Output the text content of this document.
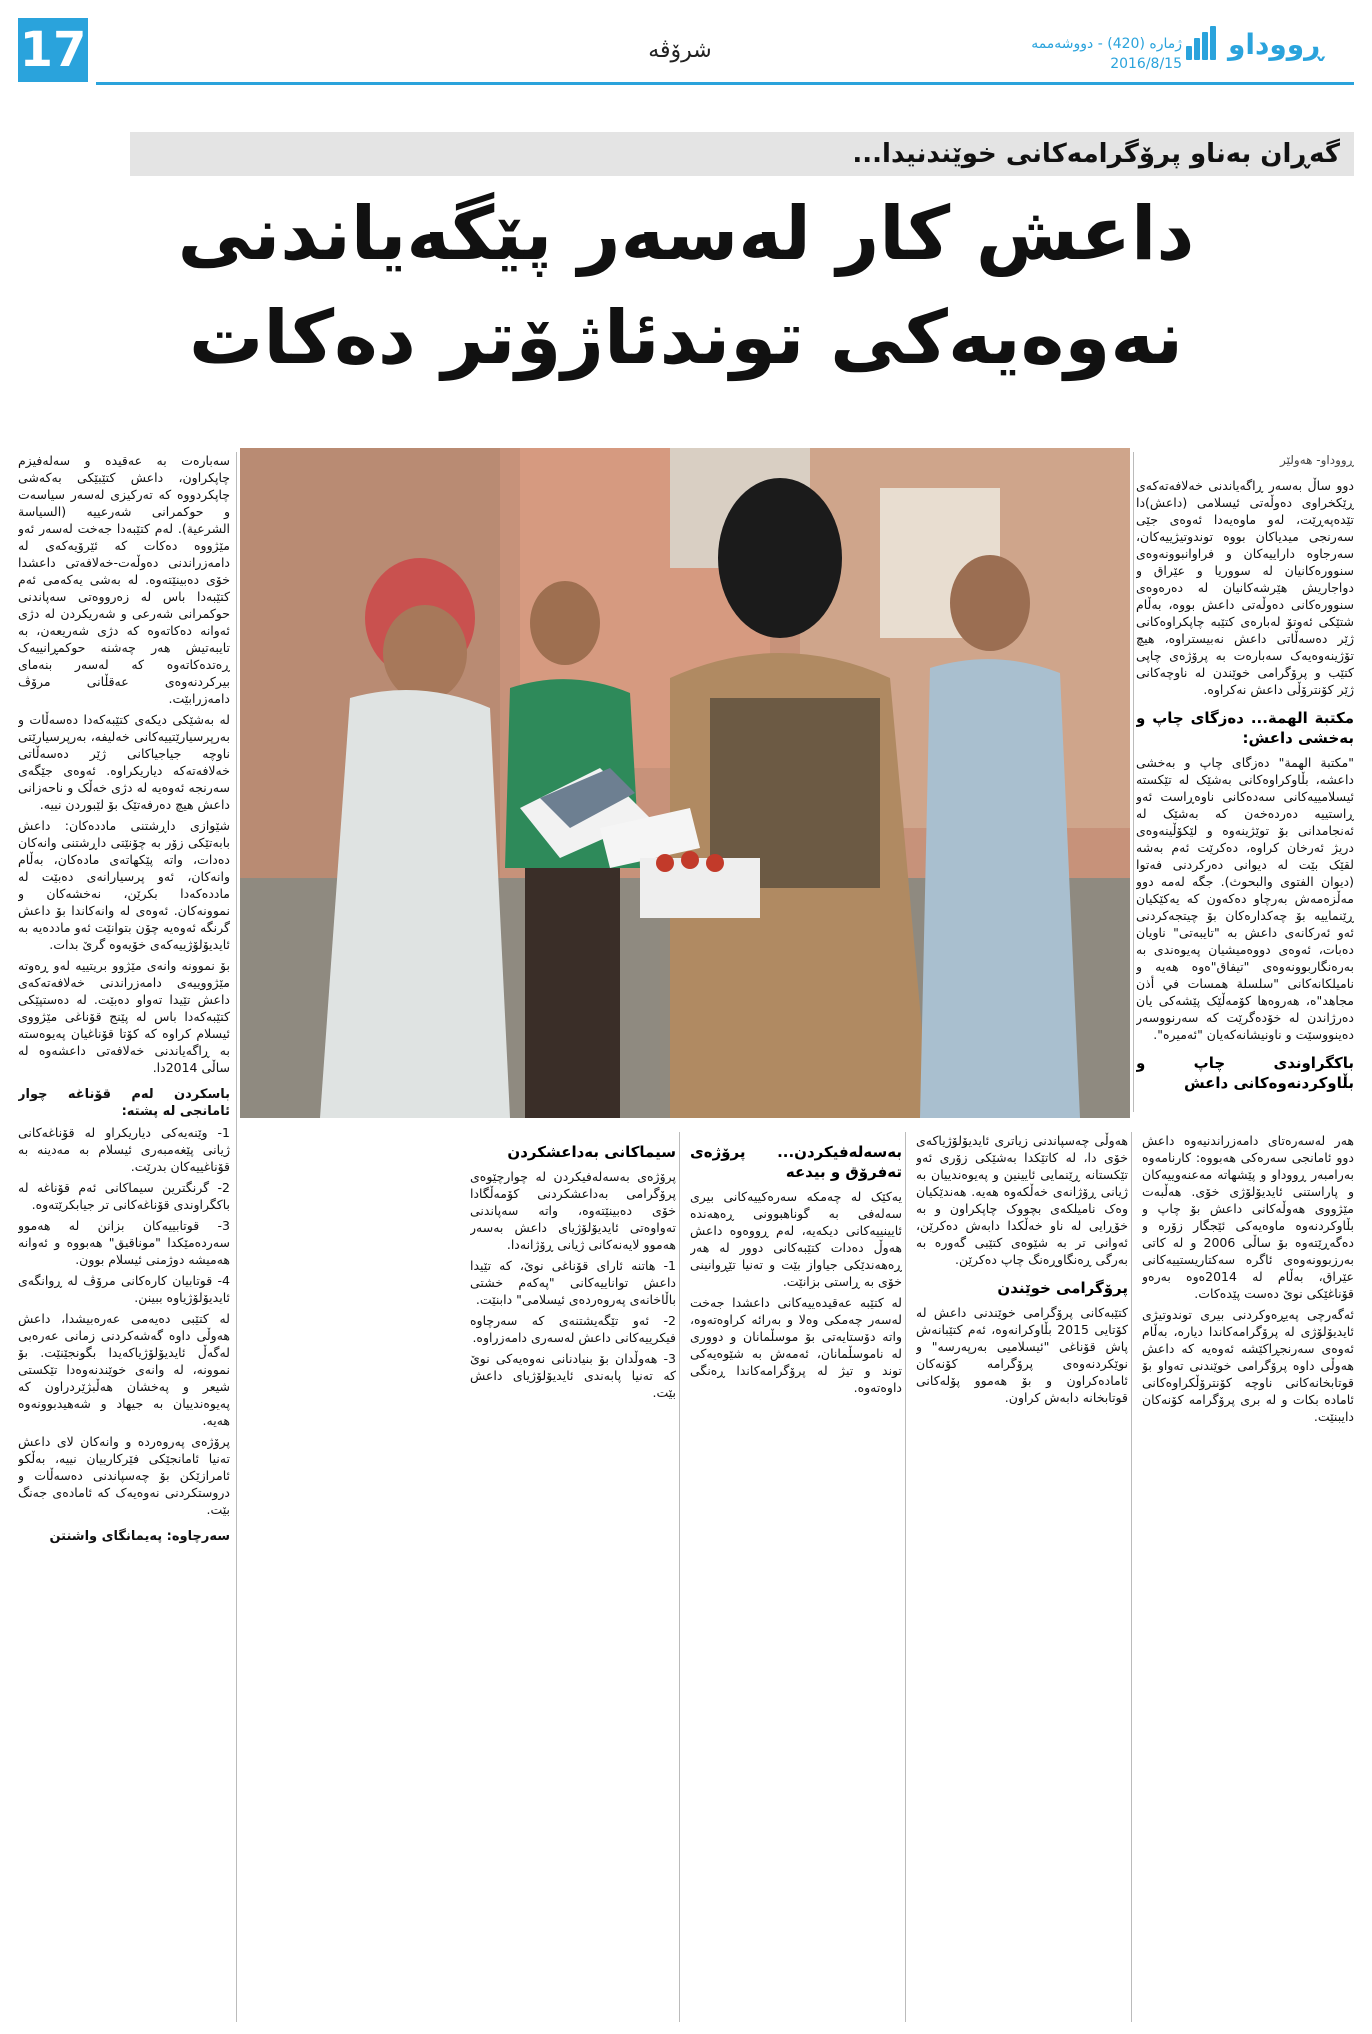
17	شرۆڤە	ڕووداو
ژمارە (420) - دووشەممە
2016/8/15
گەڕان بەناو پرۆگرامەکانی خوێندنیدا...
داعش کار لەسەر پێگەیاندنی
نەوەیەکی توندئاژۆتر دەکات
ڕووداو- هەولێر

دوو ساڵ بەسەر ڕاگەیاندنی خەلافەتەکەی ڕێکخراوی دەوڵەتی ئیسلامی (داعش)دا تێدەپەڕێت، لەو ماوەیەدا ئەوەی جێی سەرنجی میدیاکان بووە توندوتیژییەکان، سەرجاوە داراییەکان و فراوانبوونەوەی سنوورەکانیان لە سووریا و عێراق و دواجاریش هێرشەکانیان لە دەرەوەی سنوورەکانی دەوڵەتی داعش بووە، بەڵام شتێکی ئەوتۆ لەبارەی کتێبە چاپکراوەکانی ژێر دەسەڵاتی داعش نەبیستراوە، هیچ تۆژینەوەیەک سەبارەت بە پرۆژەی چاپی کتێب و پرۆگرامی خوێندن لە ناوچەکانی ژێر کۆنترۆڵی داعش نەکراوە.

مکتبة الهمة... دەزگای چاپ و بەخشی داعش:

"مکتبة الهمة" دەزگای چاپ و بەخشی داعشە، بڵاوکراوەکانی بەشێک لە تێکستە ئیسلامییەکانی سەدەکانی ناوەڕاست ئەو ڕاستییە دەردەخەن کە بەشێک لە ئەنجامدانی بۆ توێژینەوە و لێکۆڵینەوەی دریژ ئەرخان کراوە، دەکرێت ئەم بەشە لقێک بێت لە دیوانی دەرکردنی فەتوا (دیوان الفتوی والبحوث). جگە لەمە دوو مەڵزەمەش بەرچاو دەکەون کە یەکێکیان ڕێنماییە بۆ چەکدارەکان بۆ چیتجەکردنی ئەو ئەرکانەی داعش بە "تایبەتی" ناویان دەبات، ئەوەی دووەمیشیان پەیوەندی بە بەرەنگاربوونەوەی "تیفاق"ەوە هەیە و نامیلکانەکانی "سلسلة همسات في أذن مجاهد"ە، هەروەها کۆمەڵێک پێشەکی یان دەرژاندن لە خۆدەگرێت کە سەرنووسەر دەینووسێت و ناونیشانەکەیان "ئەمیرە".

باکگراوندی چاپ و بڵاوکردنەوەکانی داعش

سەبارەت بە عەقیدە و سەلەفیزم چاپکراون، داعش کتێبێکی بەکەشی چاپکردووە کە تەرکیزی لەسەر سیاسەت و حوکمرانی شەرعییە (السیاسة الشرعیة). لەم کتێبەدا جەخت لەسەر ئەو مێژووە دەکات کە ئێرۆیەکەی لە دامەزراندنی دەوڵەت-خەلافەتی داعشدا خۆی دەبینێتەوە. لە بەشی یەکەمی ئەم کتێبەدا باس لە زەرووەتی سەپاندنی حوکمرانی شەرعی و شەریکردن لە دژی ئەوانە دەکاتەوە کە دژی شەریعەن، بە تایبەتیش هەر چەشنە حوکمڕانییەک ڕەتدەکاتەوە کە لەسەر بنەمای بیرکردنەوەی عەقڵانی مرۆڤ دامەزرابێت.

لە بەشێکی دیکەی کتێبەکەدا دەسەڵات و بەرپرسیارێتییەکانی خەلیفە، بەرپرسیارێتی ناوچە جیاجیاکانی ژێر دەسەڵاتی خەلافەتەکە دیاریکراوە. ئەوەی جێگەی سەرنجە ئەوەیە لە دژی خەڵک و ناحەزانی داعش هیچ دەرفەتێک بۆ لێبوردن نییە.

شێوازی داڕشتنی ماددەکان: داعش بابەتێکی زۆر بە چۆنێتی داڕشتنی وانەکان دەدات، واتە پێکهاتەی مادەکان، بەڵام وانەکان، ئەو پرسیارانەی دەبێت لە ماددەکەدا بکرێن، نەخشەکان و نموونەکان. ئەوەی لە وانەکاندا بۆ داعش گرنگە ئەوەیە چۆن بتوانێت ئەو ماددەیە بە ئایدیۆلۆژییەکەی خۆیەوە گرێ بدات.

بۆ نموونە وانەی مێژوو بریتییە لەو ڕەوتە مێژووییەی دامەزراندنی خەلافەتەکەی داعش تێیدا تەواو دەبێت. لە دەستپێکی کتێبەکەدا باس لە پێنج قۆناغی مێژووی ئیسلام کراوە کە کۆتا قۆناغیان پەیوەستە بە ڕاگەیاندنی خەلافەتی داعشەوە لە ساڵی 2014دا.

باسکردن لەم قۆناغە چوار ئامانجی لە پشتە:

1- وێنەیەکی دیاریکراو لە قۆناغەکانی ژیانی پێغەمبەری ئیسلام بە مەدینە بە قۆناغییەکان بدرێت.

2- گرنگترین سیماکانی ئەم قۆناغە لە باکگراوندی قۆناغەکانی تر جیابکرێتەوە.

3- قوتابییەکان بزانن لە هەموو سەردەمێکدا "موناقیق" هەبووە و ئەوانە هەمیشە دوژمنی ئیسلام بوون.

4- قوتابیان کارەکانی مرۆڤ لە ڕوانگەی ئایدیۆلۆژیاوە ببینن.

لە کتێبی دەیەمی عەرەبیشدا، داعش هەوڵی داوە گەشەکردنی زمانی عەرەبی لەگەڵ ئایدیۆلۆژیاکەیدا بگونجێنێت. بۆ نموونە، لە وانەی خوێندنەوەدا تێکستی شیعر و پەخشان هەڵبژێردراون کە پەیوەندییان بە جیهاد و شەهیدبوونەوە هەیە.

پرۆژەی پەروەردە و وانەکان لای داعش تەنیا ئامانجێکی فێرکارییان نییە، بەڵکو ئامرازێکن بۆ چەسپاندنی دەسەڵات و دروستکردنی نەوەیەک کە ئامادەی جەنگ بێت.

سەرچاوە: پەیمانگای واشنتن

هەر لەسەرەتای دامەزراندنیەوە داعش دوو ئامانجی سەرەکی هەبووە: کارنامەوە بەرامبەر ڕووداو و پێشهاتە مەعنەوییەکان و پاراستنی ئایدیۆلۆژی خۆی. هەڵبەت مێژووی هەوڵەکانی داعش بۆ چاپ و بڵاوکردنەوە ماوەیەکی ئێجگار زۆرە و دەگەڕێتەوە بۆ ساڵی 2006 و لە کاتی بەرزبوونەوەی ئاگرە سەکتاریستییەکانی عێراق، بەڵام لە 2014ەوە بەرەو قۆناغێکی نوێ دەست پێدەکات.

ئەگەرچی پەیڕەوکردنی بیری توندوتیژی ئایدیۆلۆژی لە پرۆگرامەکاندا دیارە، بەڵام ئەوەی سەرنجڕاکێشە ئەوەیە کە داعش هەوڵی داوە پرۆگرامی خوێندنی تەواو بۆ قوتابخانەکانی ناوچە کۆنترۆڵکراوەکانی ئامادە بکات و لە بری پرۆگرامە کۆنەکان دایبنێت.

هەوڵی چەسپاندنی زیاتری ئایدیۆلۆژیاکەی خۆی دا، لە کاتێکدا بەشێکی زۆری ئەو تێکستانە ڕێنمایی ئایینین و پەیوەندییان بە ژیانی ڕۆژانەی خەڵکەوە هەیە. هەندێکیان وەک نامیلکەی بچووک چاپکراون و بە خۆڕایی لە ناو خەڵکدا دابەش دەکرێن، ئەوانی تر بە شێوەی کتێبی گەورە بە بەرگی ڕەنگاوڕەنگ چاپ دەکرێن.

پرۆگرامی خوێندن

کتێبەکانی پرۆگرامی خوێندنی داعش لە کۆتایی 2015 بڵاوکرانەوە، ئەم کتێبانەش پاش قۆناغی "ئیسلامیی بەرپەرسە" و نوێکردنەوەی پرۆگرامە کۆنەکان ئامادەکراون و بۆ هەموو پۆلەکانی قوتابخانە دابەش کراون.

بەسەلەفیکردن... پرۆژەی تەفرۆق و بیدعە

یەکێک لە چەمکە سەرەکییەکانی بیری سەلەفی بە گوناهبوونی ڕەهەندە ئایینییەکانی دیکەیە، لەم ڕووەوە داعش هەوڵ دەدات کتێبەکانی دوور لە هەر ڕەهەندێکی جیاواز بێت و تەنیا تێڕوانینی خۆی بە ڕاستی بزانێت.

لە کتێبە عەقیدەییەکانی داعشدا جەخت لەسەر چەمکی وەلا و بەرائە کراوەتەوە، واتە دۆستایەتی بۆ موسڵمانان و دووری لە ناموسڵمانان، ئەمەش بە شێوەیەکی توند و تیژ لە پرۆگرامەکاندا ڕەنگی داوەتەوە.

سیماکانی بەداعشکردن

پرۆژەی بەسەلەفیکردن لە چوارچێوەی پرۆگرامی بەداعشکردنی کۆمەڵگادا خۆی دەبینێتەوە، واتە سەپاندنی تەواوەتی ئایدیۆلۆژیای داعش بەسەر هەموو لایەنەکانی ژیانی ڕۆژانەدا.

1- هاتنە ئارای قۆناغی نوێ، کە تێیدا داعش تواناییەکانی "پەکەم خشتی باڵاخانەی پەروەردەی ئیسلامی" دابنێت.

2- ئەو تێگەیشتنەی کە سەرچاوە فیکرییەکانی داعش لەسەری دامەزراوە.

3- هەوڵدان بۆ بنیادنانی نەوەیەکی نوێ کە تەنیا پابەندی ئایدیۆلۆژیای داعش بێت.
